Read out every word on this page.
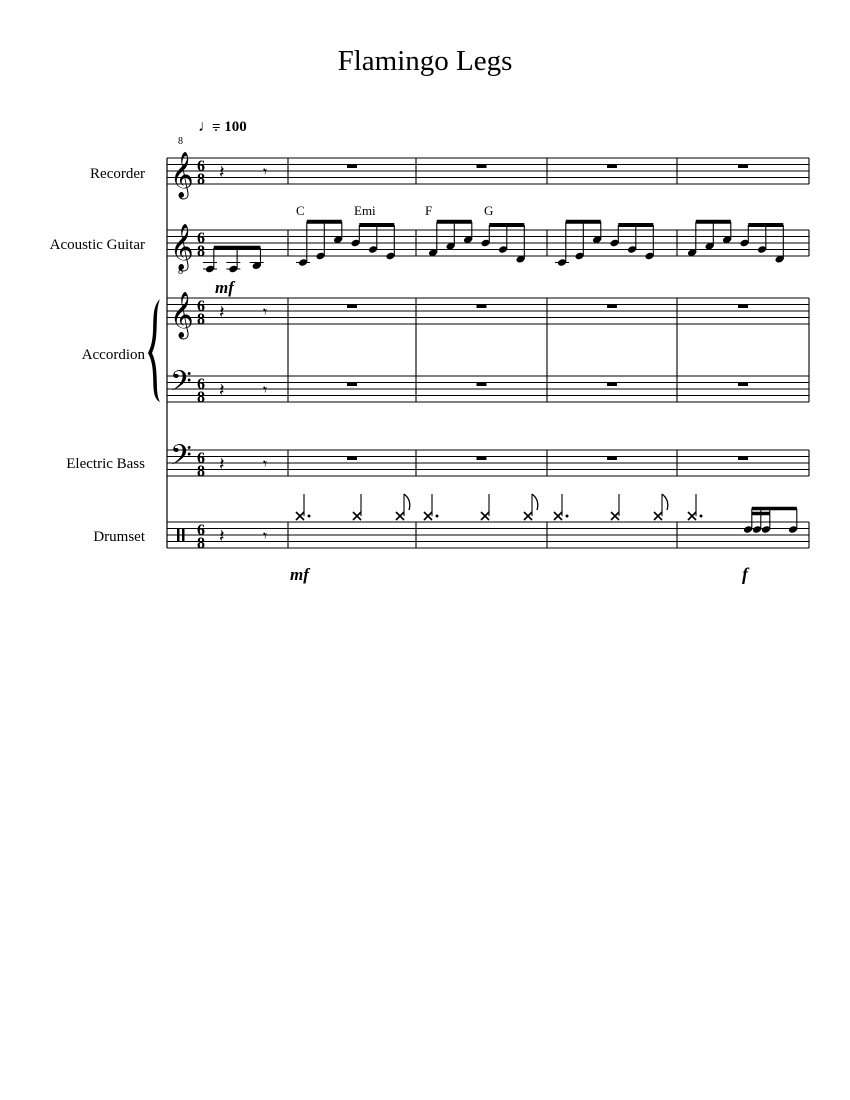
Flamingo Legs
♩.
= 100
Recorder
Acoustic Guitar
Accordion
Electric Bass
Drumset
C	Emi	F	G
mf
mf	f
𝄞
8
𝄞
8
𝄞
𝄢
𝄢
6
8
6
8
6
8
6
8
6
8
6
8
𝄽 𝄾
𝄽 𝄾
𝄽 𝄾
𝄽 𝄾
𝄽 𝄾
